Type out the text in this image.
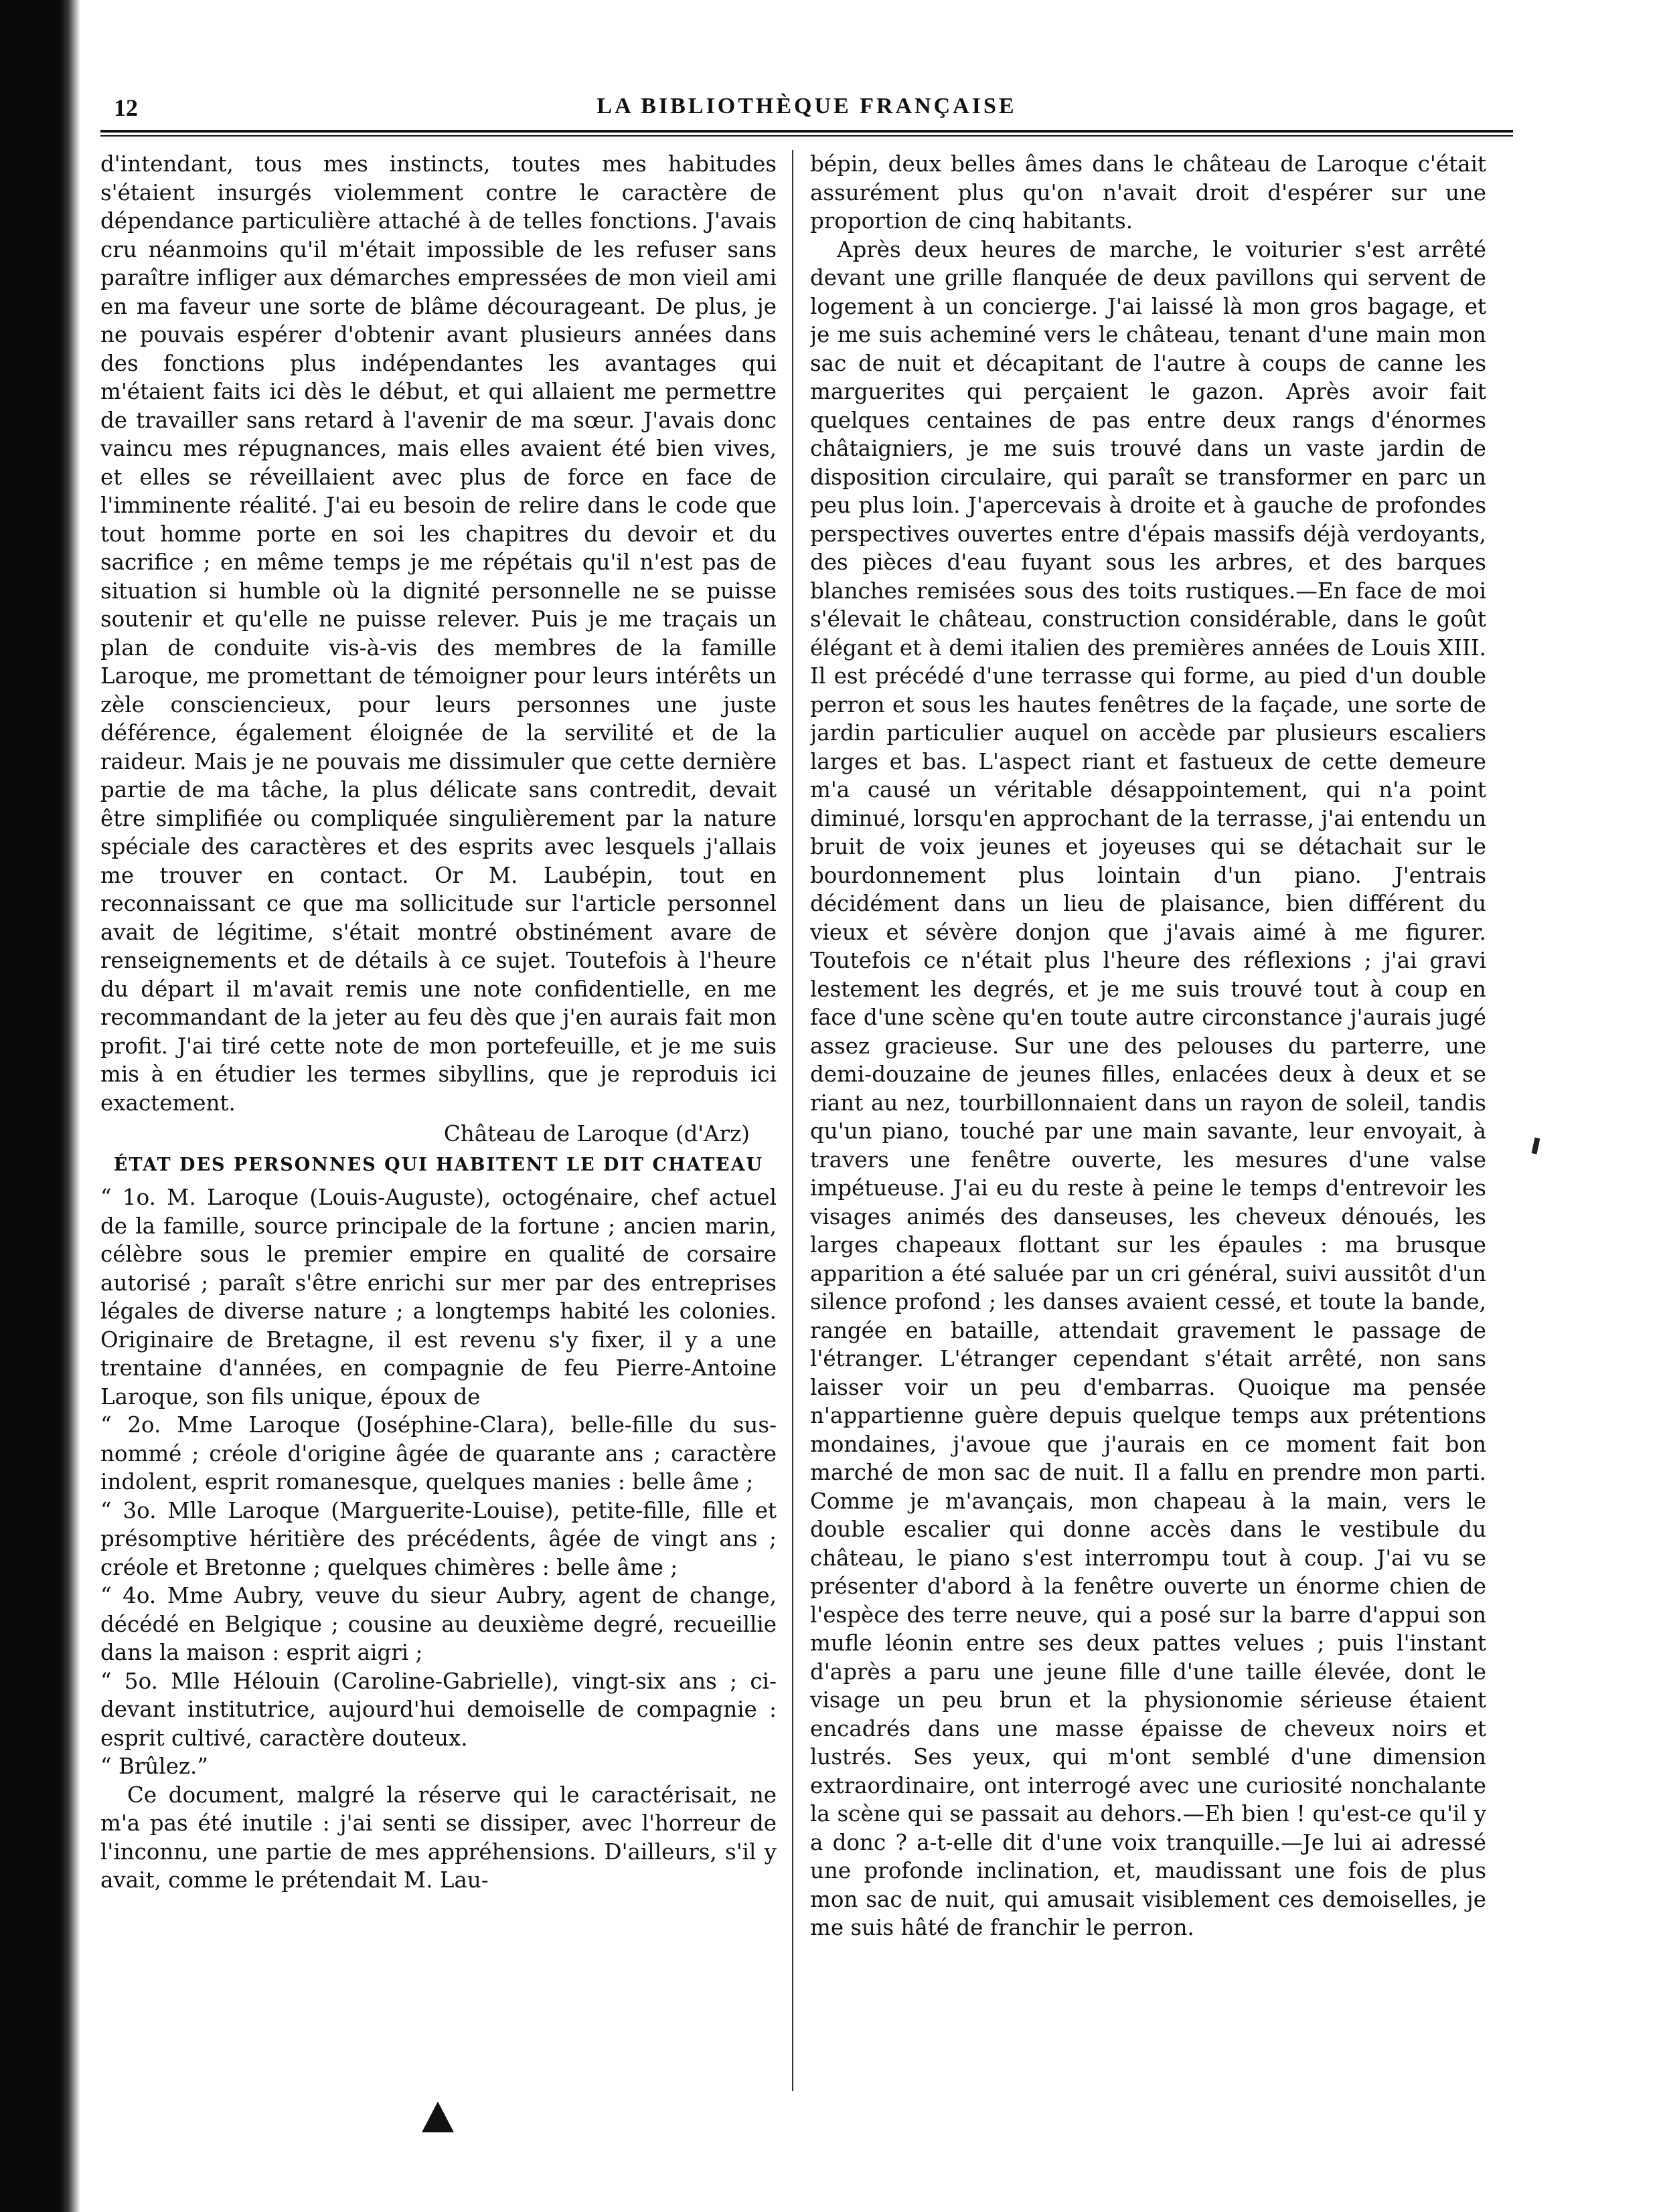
12	LA BIBLIOTHÈQUE FRANÇAISE

d'intendant, tous mes instincts, toutes mes habitudes s'étaient insurgés violemment contre le caractère de dépendance particulière attaché à de telles fonctions. J'avais cru néanmoins qu'il m'était impossible de les refuser sans paraître infliger aux démarches empressées de mon vieil ami en ma faveur une sorte de blâme décourageant. De plus, je ne pouvais espérer d'obtenir avant plusieurs années dans des fonctions plus indépendantes les avantages qui m'étaient faits ici dès le début, et qui allaient me permettre de travailler sans retard à l'avenir de ma sœur. J'avais donc vaincu mes répugnances, mais elles avaient été bien vives, et elles se réveillaient avec plus de force en face de l'imminente réalité. J'ai eu besoin de relire dans le code que tout homme porte en soi les chapitres du devoir et du sacrifice ; en même temps je me répétais qu'il n'est pas de situation si humble où la dignité personnelle ne se puisse soutenir et qu'elle ne puisse relever. Puis je me traçais un plan de conduite vis-à-vis des membres de la famille Laroque, me promettant de témoigner pour leurs intérêts un zèle consciencieux, pour leurs personnes une juste déférence, également éloignée de la servilité et de la raideur. Mais je ne pouvais me dissimuler que cette dernière partie de ma tâche, la plus délicate sans contredit, devait être simplifiée ou compliquée singulièrement par la nature spéciale des caractères et des esprits avec lesquels j'allais me trouver en contact. Or M. Laubépin, tout en reconnaissant ce que ma sollicitude sur l'article personnel avait de légitime, s'était montré obstinément avare de renseignements et de détails à ce sujet. Toutefois à l'heure du départ il m'avait remis une note confidentielle, en me recommandant de la jeter au feu dès que j'en aurais fait mon profit. J'ai tiré cette note de mon portefeuille, et je me suis mis à en étudier les termes sibyllins, que je reproduis ici exactement.

Château de Laroque (d'Arz)

ÉTAT DES PERSONNES QUI HABITENT LE DIT CHATEAU

“ 1o. M. Laroque (Louis-Auguste), octogénaire, chef actuel de la famille, source principale de la fortune ; ancien marin, célèbre sous le premier empire en qualité de corsaire autorisé ; paraît s'être enrichi sur mer par des entreprises légales de diverse nature ; a longtemps habité les colonies. Originaire de Bretagne, il est revenu s'y fixer, il y a une trentaine d'années, en compagnie de feu Pierre-Antoine Laroque, son fils unique, époux de

“ 2o. Mme Laroque (Joséphine-Clara), belle-fille du sus-nommé ; créole d'origine âgée de quarante ans ; caractère indolent, esprit romanesque, quelques manies : belle âme ;

“ 3o. Mlle Laroque (Marguerite-Louise), petite-fille, fille et présomptive héritière des précédents, âgée de vingt ans ; créole et Bretonne ; quelques chimères : belle âme ;

“ 4o. Mme Aubry, veuve du sieur Aubry, agent de change, décédé en Belgique ; cousine au deuxième degré, recueillie dans la maison : esprit aigri ;

“ 5o. Mlle Hélouin (Caroline-Gabrielle), vingt-six ans ; ci-devant institutrice, aujourd'hui demoiselle de compagnie : esprit cultivé, caractère douteux.

“ Brûlez.”

Ce document, malgré la réserve qui le caractérisait, ne m'a pas été inutile : j'ai senti se dissiper, avec l'horreur de l'inconnu, une partie de mes appréhensions. D'ailleurs, s'il y avait, comme le prétendait M. Lau-

bépin, deux belles âmes dans le château de Laroque c'était assurément plus qu'on n'avait droit d'espérer sur une proportion de cinq habitants.

Après deux heures de marche, le voiturier s'est arrêté devant une grille flanquée de deux pavillons qui servent de logement à un concierge. J'ai laissé là mon gros bagage, et je me suis acheminé vers le château, tenant d'une main mon sac de nuit et décapitant de l'autre à coups de canne les marguerites qui perçaient le gazon. Après avoir fait quelques centaines de pas entre deux rangs d'énormes châtaigniers, je me suis trouvé dans un vaste jardin de disposition circulaire, qui paraît se transformer en parc un peu plus loin. J'apercevais à droite et à gauche de profondes perspectives ouvertes entre d'épais massifs déjà verdoyants, des pièces d'eau fuyant sous les arbres, et des barques blanches remisées sous des toits rustiques.—En face de moi s'élevait le château, construction considérable, dans le goût élégant et à demi italien des premières années de Louis XIII. Il est précédé d'une terrasse qui forme, au pied d'un double perron et sous les hautes fenêtres de la façade, une sorte de jardin particulier auquel on accède par plusieurs escaliers larges et bas. L'aspect riant et fastueux de cette demeure m'a causé un véritable désappointement, qui n'a point diminué, lorsqu'en approchant de la terrasse, j'ai entendu un bruit de voix jeunes et joyeuses qui se détachait sur le bourdonnement plus lointain d'un piano. J'entrais décidément dans un lieu de plaisance, bien différent du vieux et sévère donjon que j'avais aimé à me figurer. Toutefois ce n'était plus l'heure des réflexions ; j'ai gravi lestement les degrés, et je me suis trouvé tout à coup en face d'une scène qu'en toute autre circonstance j'aurais jugé assez gracieuse. Sur une des pelouses du parterre, une demi-douzaine de jeunes filles, enlacées deux à deux et se riant au nez, tourbillonnaient dans un rayon de soleil, tandis qu'un piano, touché par une main savante, leur envoyait, à travers une fenêtre ouverte, les mesures d'une valse impétueuse. J'ai eu du reste à peine le temps d'entrevoir les visages animés des danseuses, les cheveux dénoués, les larges chapeaux flottant sur les épaules : ma brusque apparition a été saluée par un cri général, suivi aussitôt d'un silence profond ; les danses avaient cessé, et toute la bande, rangée en bataille, attendait gravement le passage de l'étranger. L'étranger cependant s'était arrêté, non sans laisser voir un peu d'embarras. Quoique ma pensée n'appartienne guère depuis quelque temps aux prétentions mondaines, j'avoue que j'aurais en ce moment fait bon marché de mon sac de nuit. Il a fallu en prendre mon parti. Comme je m'avançais, mon chapeau à la main, vers le double escalier qui donne accès dans le vestibule du château, le piano s'est interrompu tout à coup. J'ai vu se présenter d'abord à la fenêtre ouverte un énorme chien de l'espèce des terre neuve, qui a posé sur la barre d'appui son mufle léonin entre ses deux pattes velues ; puis l'instant d'après a paru une jeune fille d'une taille élevée, dont le visage un peu brun et la physionomie sérieuse étaient encadrés dans une masse épaisse de cheveux noirs et lustrés. Ses yeux, qui m'ont semblé d'une dimension extraordinaire, ont interrogé avec une curiosité nonchalante la scène qui se passait au dehors.—Eh bien ! qu'est-ce qu'il y a donc ? a-t-elle dit d'une voix tranquille.—Je lui ai adressé une profonde inclination, et, maudissant une fois de plus mon sac de nuit, qui amusait visiblement ces demoiselles, je me suis hâté de franchir le perron.
